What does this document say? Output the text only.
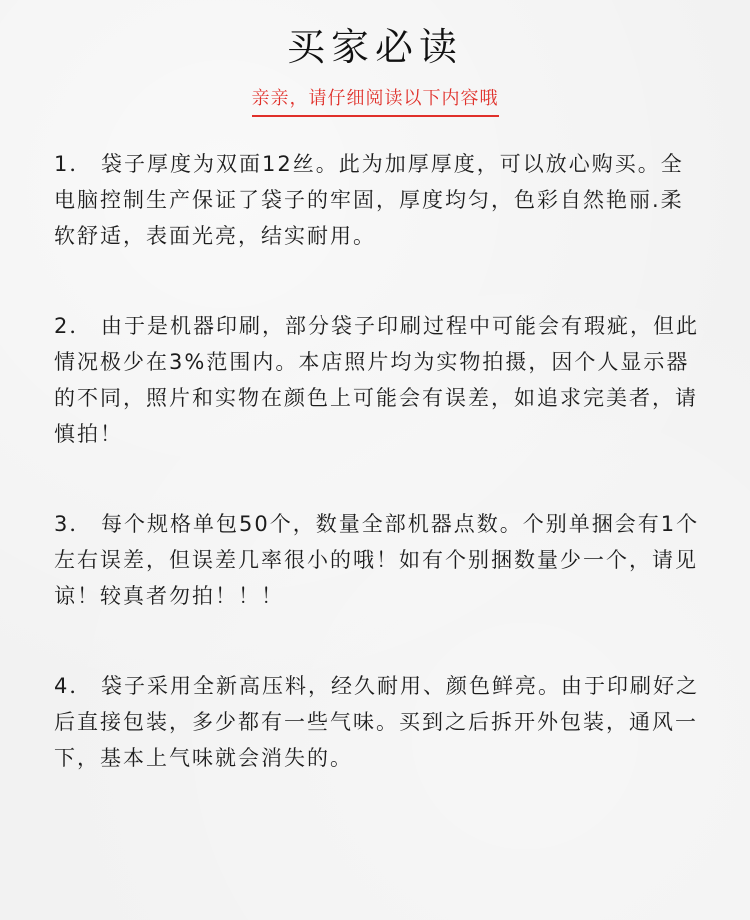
买家必读
亲亲，请仔细阅读以下内容哦

1． 袋子厚度为双面12丝。此为加厚厚度，可以放心购买。全电脑控制生产保证了袋子的牢固，厚度均匀，色彩自然艳丽.柔软舒适，表面光亮，结实耐用。

2． 由于是机器印刷，部分袋子印刷过程中可能会有瑕疵，但此情况极少在3%范围内。本店照片均为实物拍摄，因个人显示器的不同，照片和实物在颜色上可能会有误差，如追求完美者，请慎拍！

3． 每个规格单包50个，数量全部机器点数。个别单捆会有1个左右误差，但误差几率很小的哦！如有个别捆数量少一个，请见谅！较真者勿拍！！！

4． 袋子采用全新高压料，经久耐用、颜色鲜亮。由于印刷好之后直接包装，多少都有一些气味。买到之后拆开外包装，通风一下，基本上气味就会消失的。
